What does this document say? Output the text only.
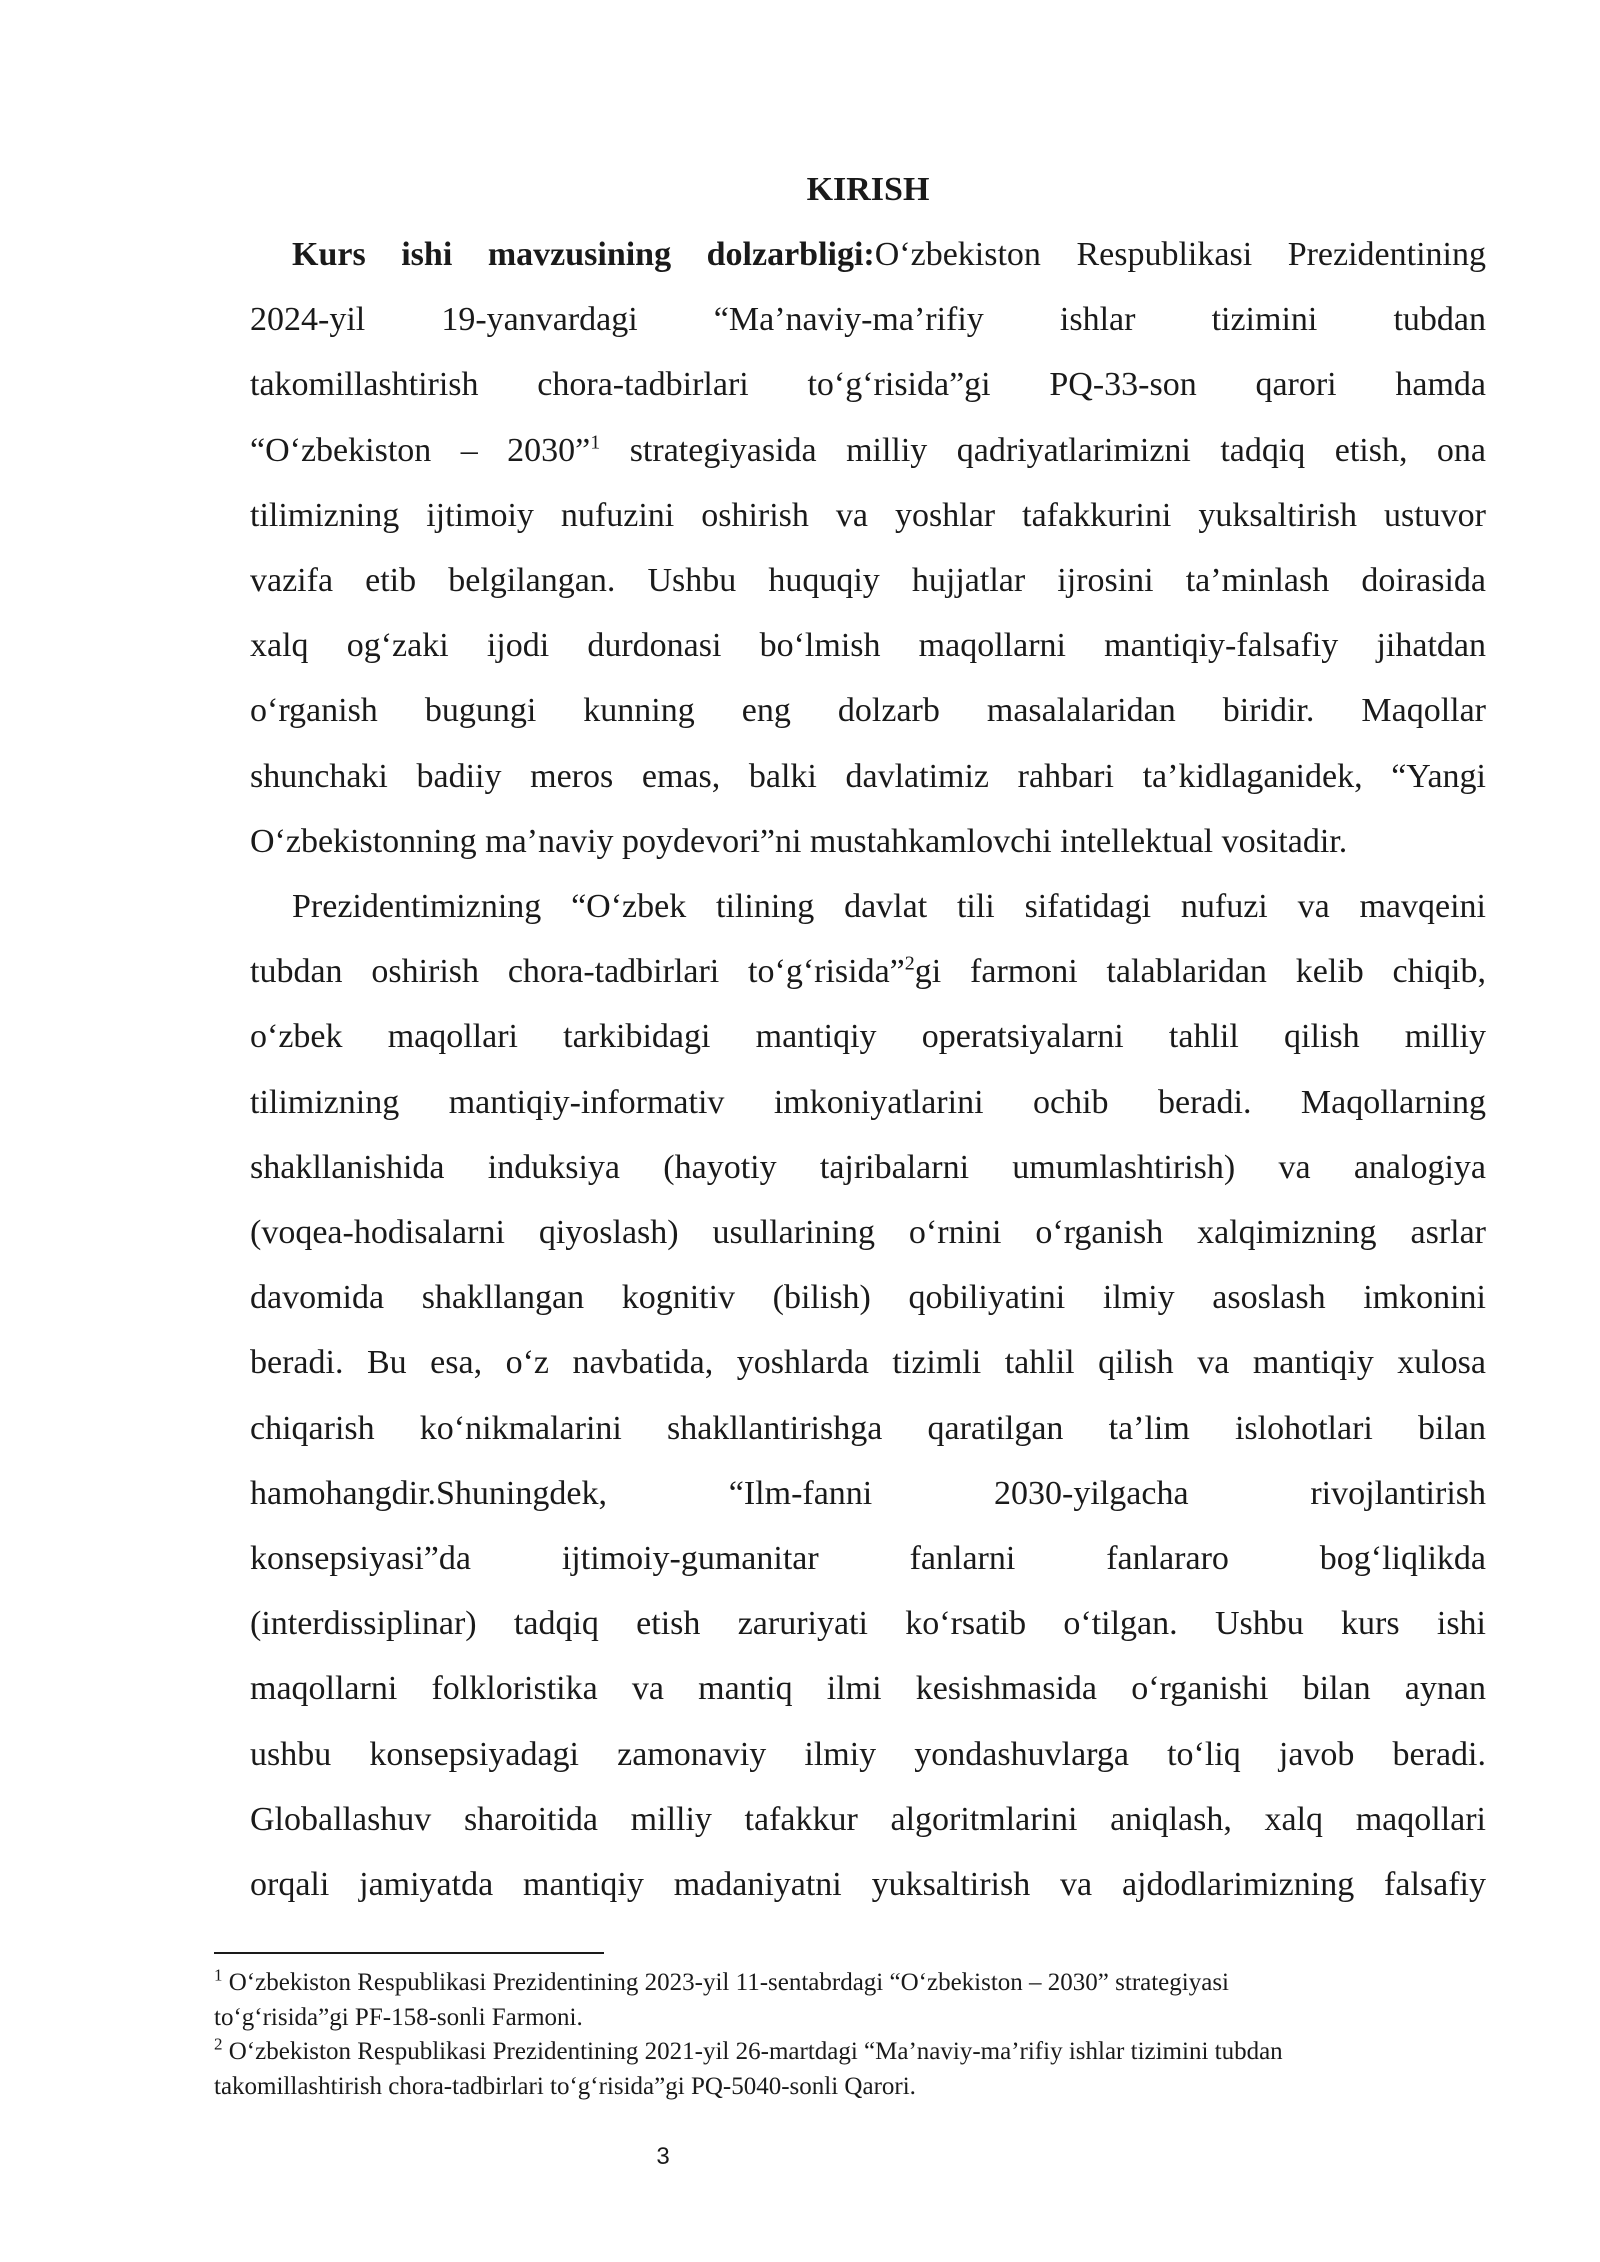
KIRISH
Kurs ishi mavzusining dolzarbligi:O‘zbekiston Respublikasi Prezidentining
2024-yil 19-yanvardagi “Ma’naviy-ma’rifiy ishlar tizimini tubdan
takomillashtirish chora-tadbirlari to‘g‘risida”gi PQ-33-son qarori hamda
“O‘zbekiston – 2030”$^1$ strategiyasida milliy qadriyatlarimizni tadqiq etish, ona
tilimizning ijtimoiy nufuzini oshirish va yoshlar tafakkurini yuksaltirish ustuvor
vazifa etib belgilangan. Ushbu huquqiy hujjatlar ijrosini ta’minlash doirasida
xalq og‘zaki ijodi durdonasi bo‘lmish maqollarni mantiqiy-falsafiy jihatdan
o‘rganish bugungi kunning eng dolzarb masalalaridan biridir. Maqollar
shunchaki badiiy meros emas, balki davlatimiz rahbari ta’kidlaganidek, “Yangi
O‘zbekistonning ma’naviy poydevori”ni mustahkamlovchi intellektual vositadir.
Prezidentimizning “O‘zbek tilining davlat tili sifatidagi nufuzi va mavqeini
tubdan oshirish chora-tadbirlari to‘g‘risida”$^2$gi farmoni talablaridan kelib chiqib,
o‘zbek maqollari tarkibidagi mantiqiy operatsiyalarni tahlil qilish milliy
tilimizning mantiqiy-informativ imkoniyatlarini ochib beradi. Maqollarning
shakllanishida induksiya (hayotiy tajribalarni umumlashtirish) va analogiya
(voqea-hodisalarni qiyoslash) usullarining o‘rnini o‘rganish xalqimizning asrlar
davomida shakllangan kognitiv (bilish) qobiliyatini ilmiy asoslash imkonini
beradi. Bu esa, o‘z navbatida, yoshlarda tizimli tahlil qilish va mantiqiy xulosa
chiqarish ko‘nikmalarini shakllantirishga qaratilgan ta’lim islohotlari bilan
hamohangdir.Shuningdek, “Ilm-fanni 2030-yilgacha rivojlantirish
konsepsiyasi”da ijtimoiy-gumanitar fanlarni fanlararo bog‘liqlikda
(interdissiplinar) tadqiq etish zaruriyati ko‘rsatib o‘tilgan. Ushbu kurs ishi
maqollarni folkloristika va mantiq ilmi kesishmasida o‘rganishi bilan aynan
ushbu konsepsiyadagi zamonaviy ilmiy yondashuvlarga to‘liq javob beradi.
Globallashuv sharoitida milliy tafakkur algoritmlarini aniqlash, xalq maqollari
orqali jamiyatda mantiqiy madaniyatni yuksaltirish va ajdodlarimizning falsafiy

$^1$ O‘zbekiston Respublikasi Prezidentining 2023-yil 11-sentabrdagi “O‘zbekiston – 2030” strategiyasi
to‘g‘risida”gi PF-158-sonli Farmoni.

$^2$ O‘zbekiston Respublikasi Prezidentining 2021-yil 26-martdagi “Ma’naviy-ma’rifiy ishlar tizimini tubdan
takomillashtirish chora-tadbirlari to‘g‘risida”gi PQ-5040-sonli Qarori.

3
